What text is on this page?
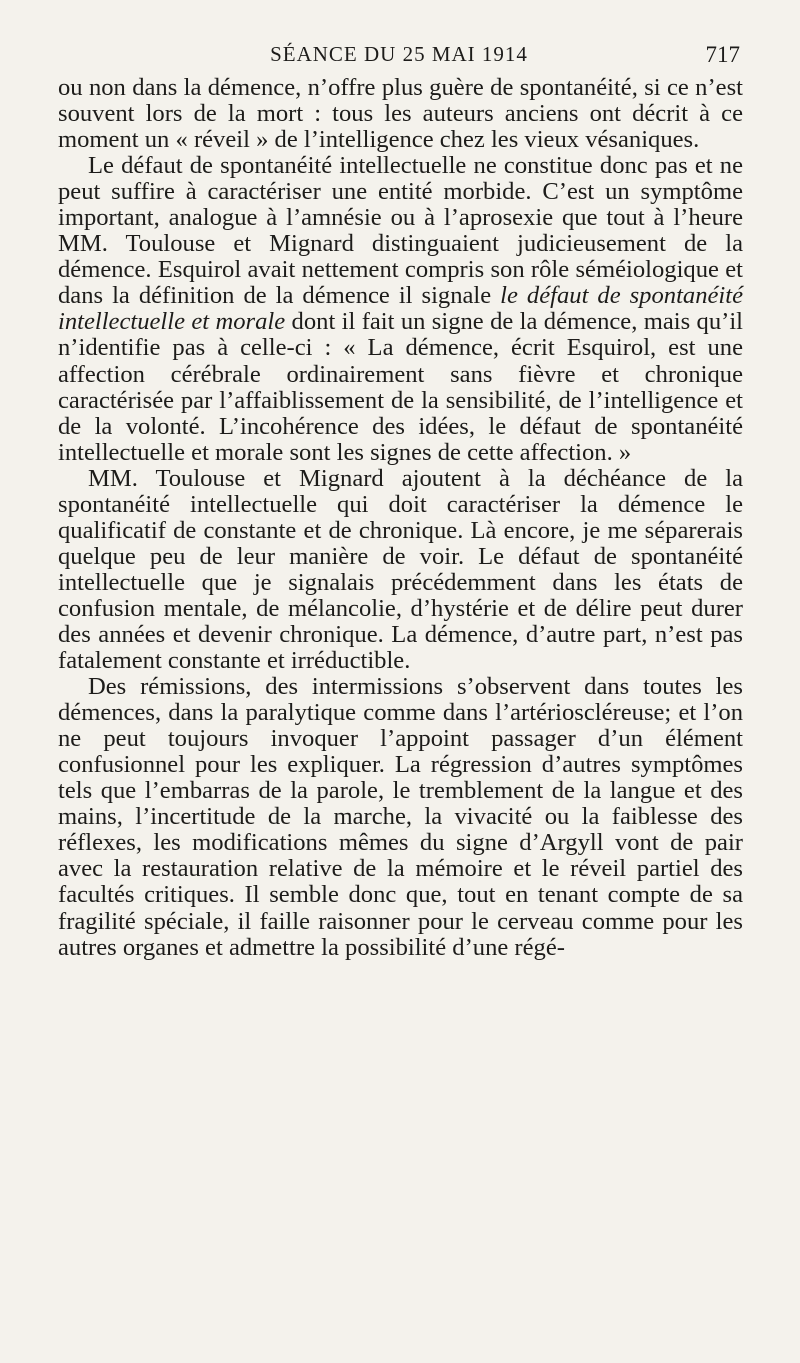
SÉANCE DU 25 MAI 1914	717

ou non dans la démence, n’offre plus guère de spontanéité, si ce n’est souvent lors de la mort : tous les auteurs anciens ont décrit à ce moment un « réveil » de l’intelligence chez les vieux vésaniques.

Le défaut de spontanéité intellectuelle ne constitue donc pas et ne peut suffire à caractériser une entité morbide. C’est un symptôme important, analogue à l’amnésie ou à l’aprosexie que tout à l’heure MM. Toulouse et Mignard distinguaient judicieusement de la démence. Esquirol avait nettement compris son rôle séméiologique et dans la définition de la démence il signale le défaut de spontanéité intellectuelle et morale dont il fait un signe de la démence, mais qu’il n’identifie pas à celle-ci : « La démence, écrit Esquirol, est une affection cérébrale ordinairement sans fièvre et chronique caractérisée par l’affaiblissement de la sensibilité, de l’intelligence et de la volonté. L’incohérence des idées, le défaut de spontanéité intellectuelle et morale sont les signes de cette affection. »

MM. Toulouse et Mignard ajoutent à la déchéance de la spontanéité intellectuelle qui doit caractériser la démence le qualificatif de constante et de chronique. Là encore, je me séparerais quelque peu de leur manière de voir. Le défaut de spontanéité intellectuelle que je signalais précédemment dans les états de confusion mentale, de mélancolie, d’hystérie et de délire peut durer des années et devenir chronique. La démence, d’autre part, n’est pas fatalement constante et irréductible.

Des rémissions, des intermissions s’observent dans toutes les démences, dans la paralytique comme dans l’artérioscléreuse; et l’on ne peut toujours invoquer l’appoint passager d’un élément confusionnel pour les expliquer. La régression d’autres symptômes tels que l’embarras de la parole, le tremblement de la langue et des mains, l’incertitude de la marche, la vivacité ou la faiblesse des réflexes, les modifications mêmes du signe d’Argyll vont de pair avec la restauration relative de la mémoire et le réveil partiel des facultés critiques. Il semble donc que, tout en tenant compte de sa fragilité spéciale, il faille raisonner pour le cerveau comme pour les autres organes et admettre la possibilité d’une régé-
